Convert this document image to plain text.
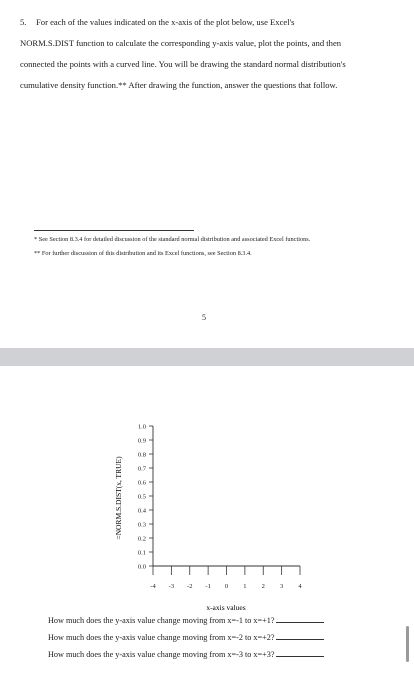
5. For each of the values indicated on the x-axis of the plot below, use Excel's
NORM.S.DIST function to calculate the corresponding y-axis value, plot the points, and then
connected the points with a curved line. You will be drawing the standard normal distribution's
cumulative density function.** After drawing the function, answer the questions that follow.
* See Section 8.3.4 for detailed discussion of the standard normal distribution and associated Excel functions.
** For further discussion of this distribution and its Excel functions, see Section 8.3.4.
5
0.0
0.1
0.2
0.3
0.4
0.5
0.6
0.7
0.8
0.9
1.0
-4 -3 -2 -1 0 1 2 3 4
=NORM.S.DIST(x, TRUE)
x-axis values
How much does the y-axis value change moving from x=-1 to x=+1?
How much does the y-axis value change moving from x=-2 to x=+2?
How much does the y-axis value change moving from x=-3 to x=+3?
